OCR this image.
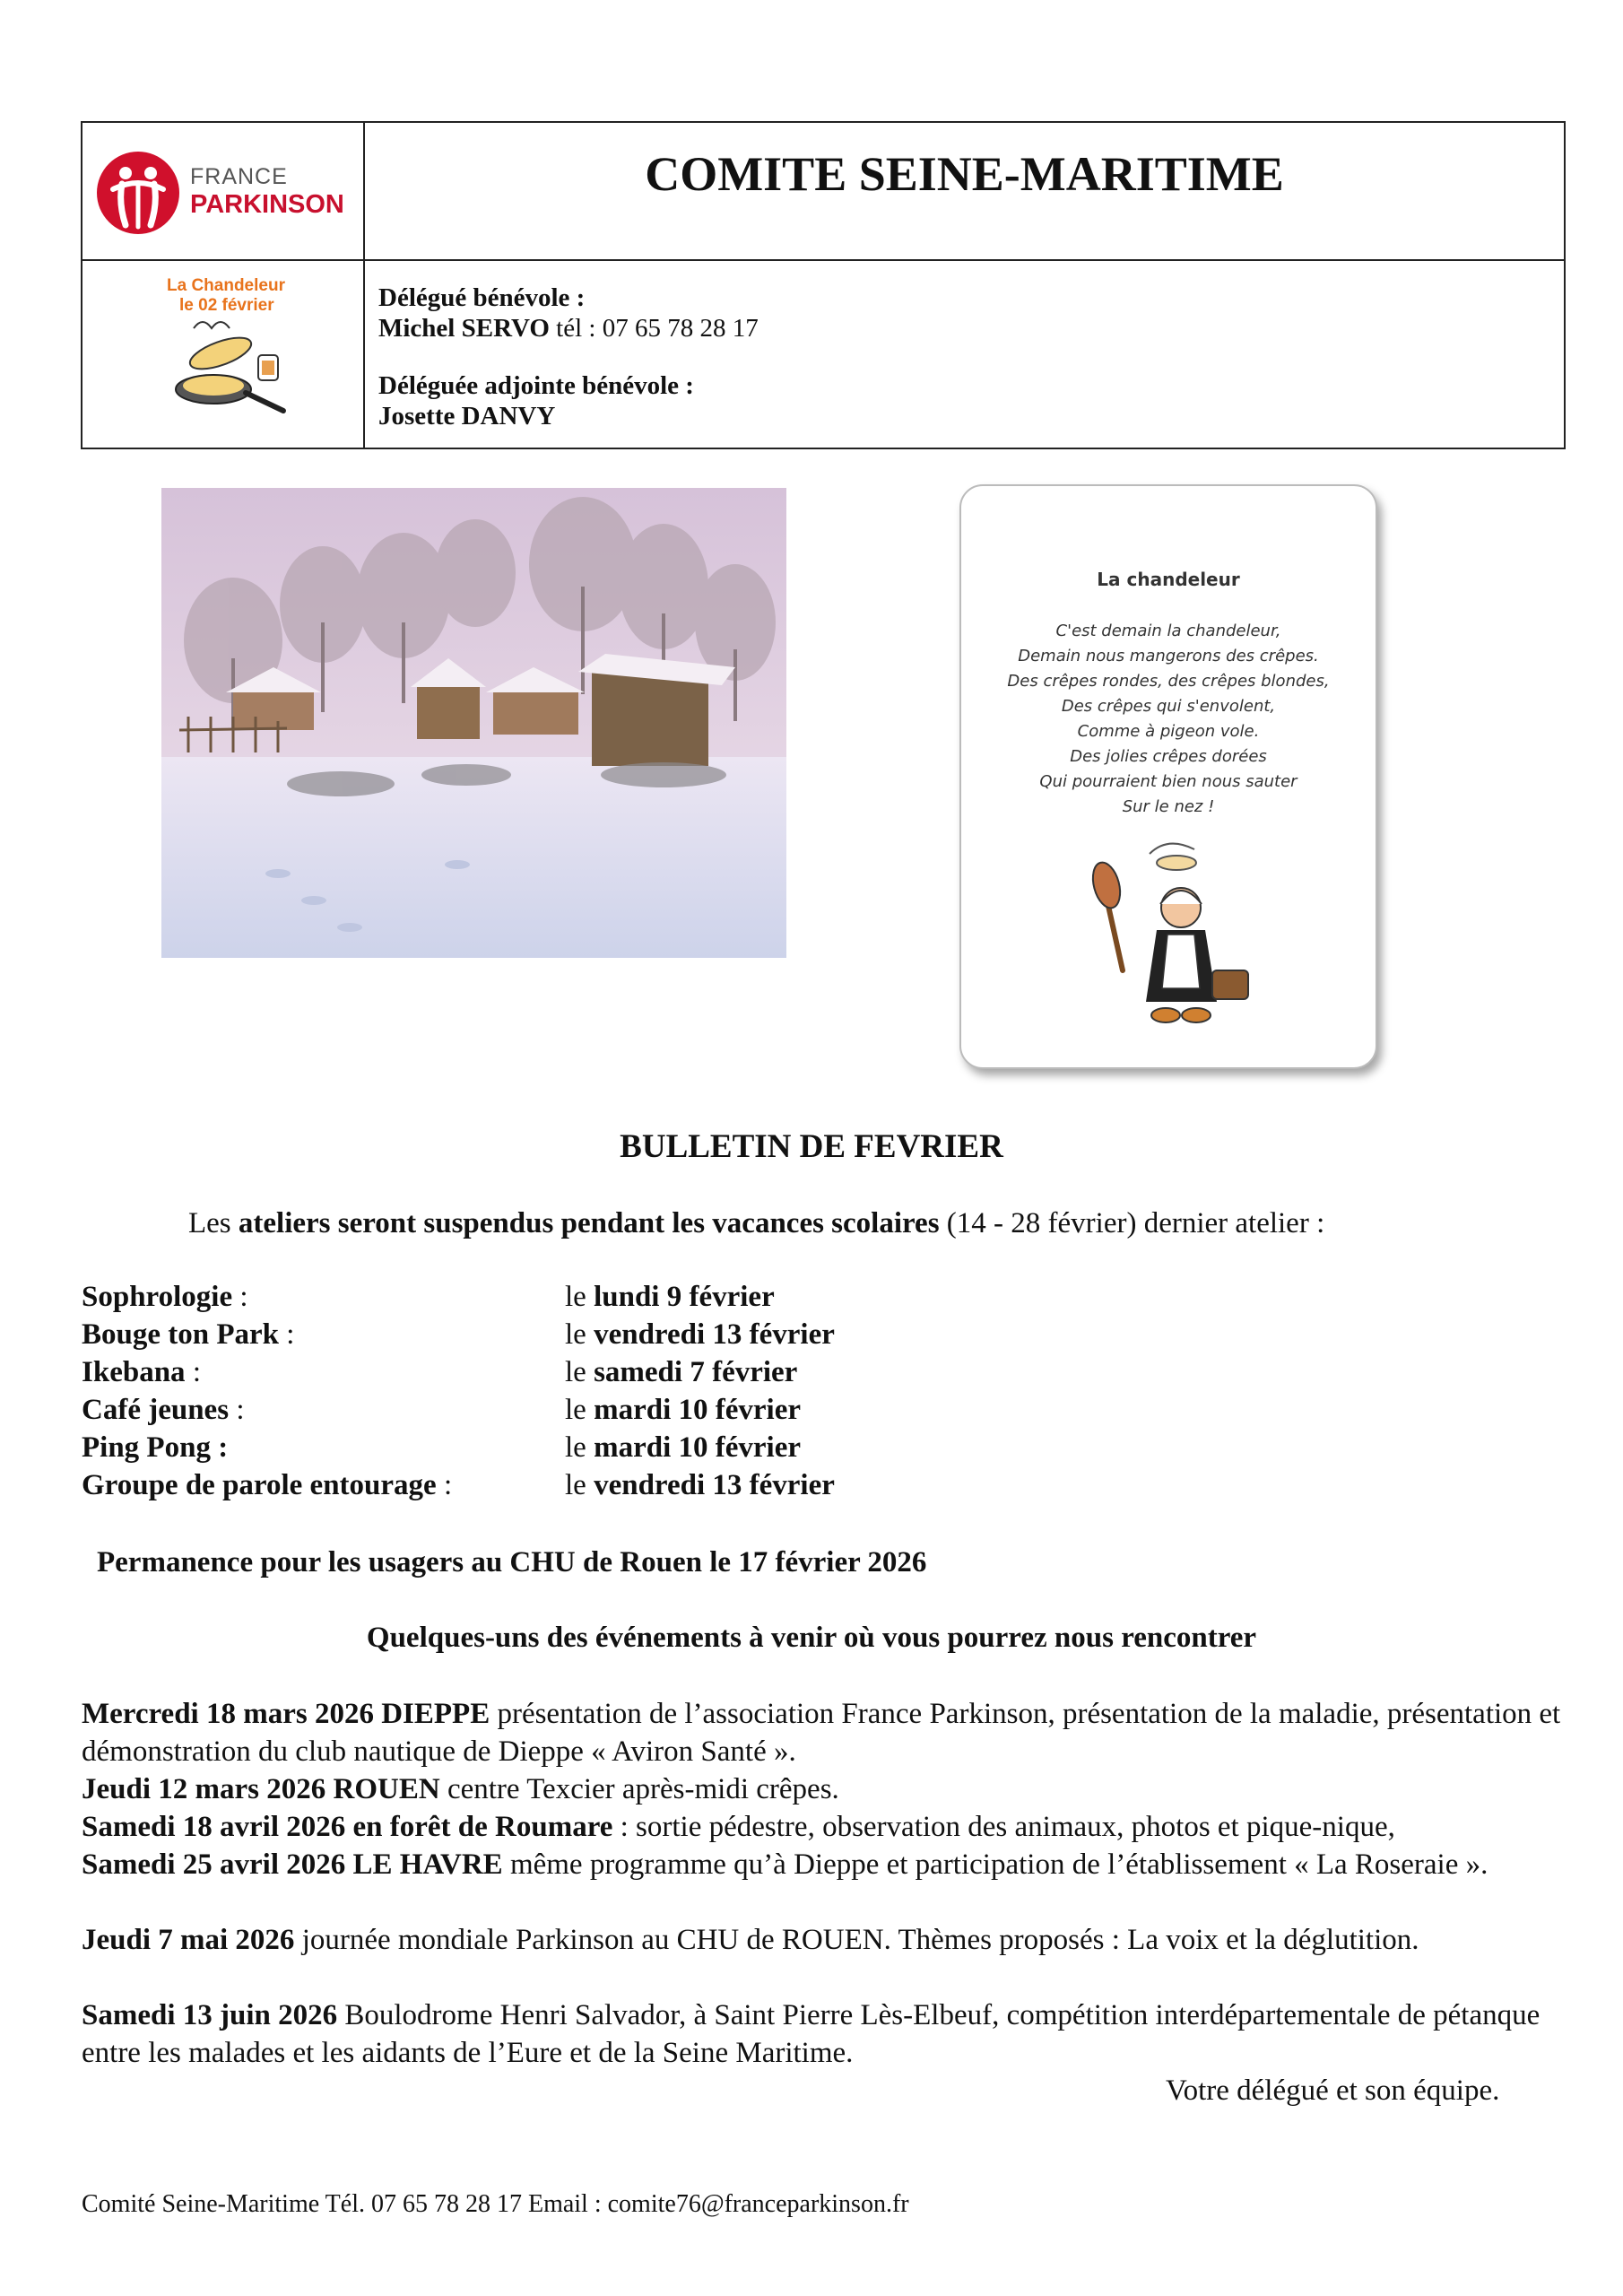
FRANCE
PARKINSON
COMITE SEINE-MARITIME
La Chandeleur
le 02 février	Délégué bénévole :
Michel SERVO tél : 07 65 78 28 17
Déléguée adjointe bénévole :
Josette DANVY
La chandeleur
C'est demain la chandeleur,
Demain nous mangerons des crêpes.
Des crêpes rondes, des crêpes blondes,
Des crêpes qui s'envolent,
Comme à pigeon vole.
Des jolies crêpes dorées
Qui pourraient bien nous sauter
Sur le nez !
BULLETIN DE FEVRIER
Les ateliers seront suspendus pendant les vacances scolaires (14 - 28 février) dernier atelier :
Sophrologie :	le lundi 9 février
Bouge ton Park :	le vendredi 13 février
Ikebana :	le samedi 7 février
Café jeunes :	le mardi 10 février
Ping Pong :	le mardi 10 février
Groupe de parole entourage :	le vendredi 13 février
Permanence pour les usagers au CHU de Rouen le 17 février 2026
Quelques-uns des événements à venir où vous pourrez nous rencontrer
Mercredi 18 mars 2026 DIEPPE présentation de l’association France Parkinson, présentation de la maladie, présentation et démonstration du club nautique de Dieppe « Aviron Santé ».
Jeudi 12 mars 2026 ROUEN centre Texcier après-midi crêpes.
Samedi 18 avril 2026 en forêt de Roumare : sortie pédestre, observation des animaux, photos et pique-nique,
Samedi 25 avril 2026 LE HAVRE même programme qu’à Dieppe et participation de l’établissement « La Roseraie ».
Jeudi 7 mai 2026 journée mondiale Parkinson au CHU de ROUEN. Thèmes proposés : La voix et la déglutition.
Samedi 13 juin 2026 Boulodrome Henri Salvador, à Saint Pierre Lès-Elbeuf, compétition interdépartementale de pétanque entre les malades et les aidants de l’Eure et de la Seine Maritime.
Votre délégué et son équipe.
Comité Seine-Maritime Tél. 07 65 78 28 17 Email : comite76@franceparkinson.fr
